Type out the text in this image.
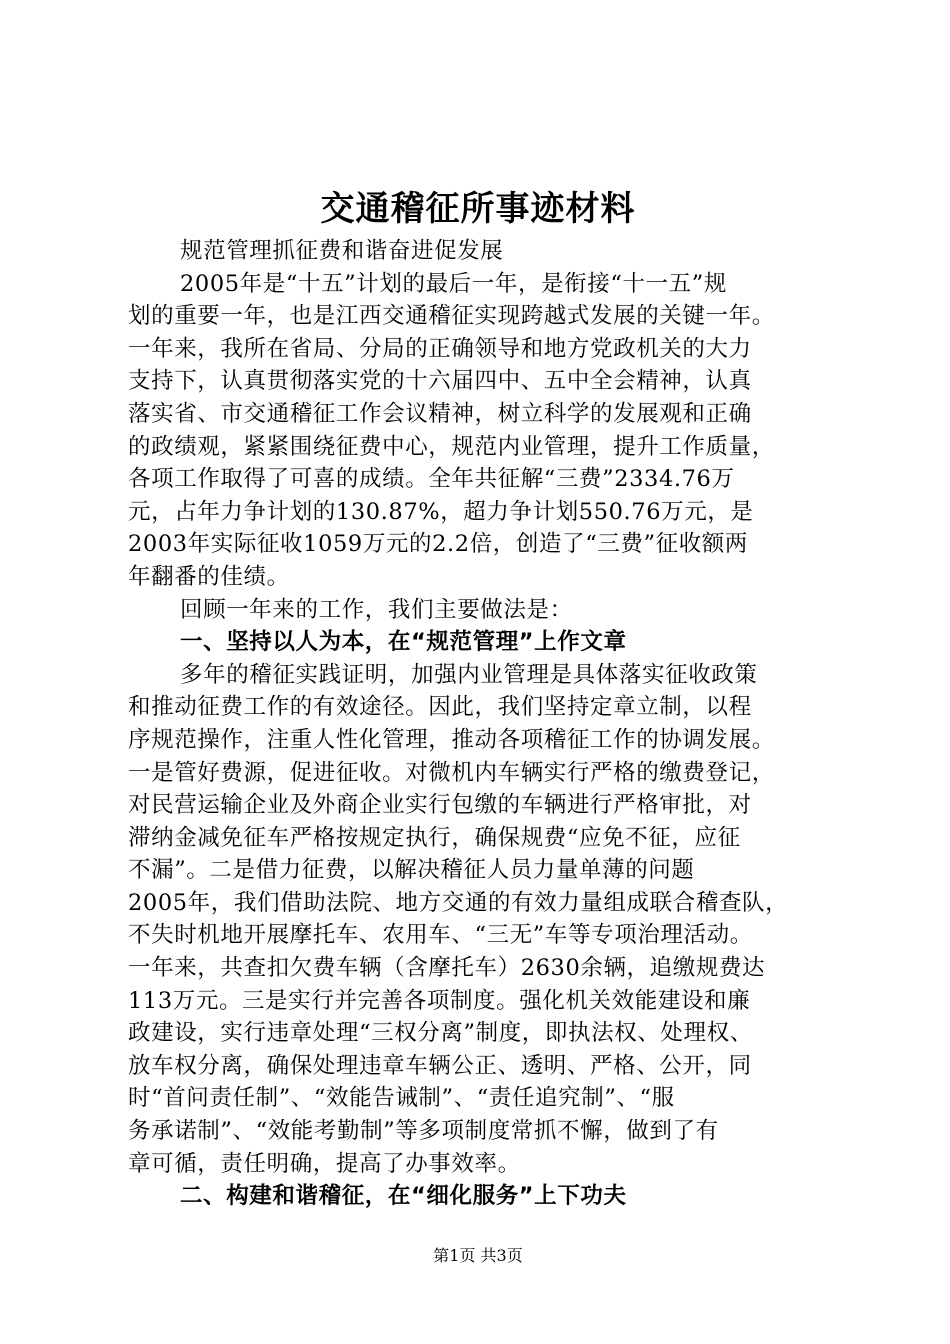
交通稽征所事迹材料
规范管理抓征费和谐奋进促发展
2005年是“十五”计划的最后一年，是衔接“十一五”规
划的重要一年，也是江西交通稽征实现跨越式发展的关键一年。
一年来，我所在省局、分局的正确领导和地方党政机关的大力
支持下，认真贯彻落实党的十六届四中、五中全会精神，认真
落实省、市交通稽征工作会议精神，树立科学的发展观和正确
的政绩观，紧紧围绕征费中心，规范内业管理，提升工作质量，
各项工作取得了可喜的成绩。全年共征解“三费”2334.76万
元，占年力争计划的130.87%，超力争计划550.76万元，是
2003年实际征收1059万元的2.2倍，创造了“三费”征收额两
年翻番的佳绩。
回顾一年来的工作，我们主要做法是：
一、坚持以人为本，在“规范管理”上作文章
多年的稽征实践证明，加强内业管理是具体落实征收政策
和推动征费工作的有效途径。因此，我们坚持定章立制，以程
序规范操作，注重人性化管理，推动各项稽征工作的协调发展。
一是管好费源，促进征收。对微机内车辆实行严格的缴费登记，
对民营运输企业及外商企业实行包缴的车辆进行严格审批，对
滞纳金减免征车严格按规定执行，确保规费“应免不征，应征
不漏”。二是借力征费，以解决稽征人员力量单薄的问题
2005年，我们借助法院、地方交通的有效力量组成联合稽查队，
不失时机地开展摩托车、农用车、“三无”车等专项治理活动。
一年来，共查扣欠费车辆（含摩托车）2630余辆，追缴规费达
113万元。三是实行并完善各项制度。强化机关效能建设和廉
政建设，实行违章处理“三权分离”制度，即执法权、处理权、
放车权分离，确保处理违章车辆公正、透明、严格、公开，同
时“首问责任制”、“效能告诫制”、“责任追究制”、“服
务承诺制”、“效能考勤制”等多项制度常抓不懈，做到了有
章可循，责任明确，提高了办事效率。
二、构建和谐稽征，在“细化服务”上下功夫
第1页 共3页
